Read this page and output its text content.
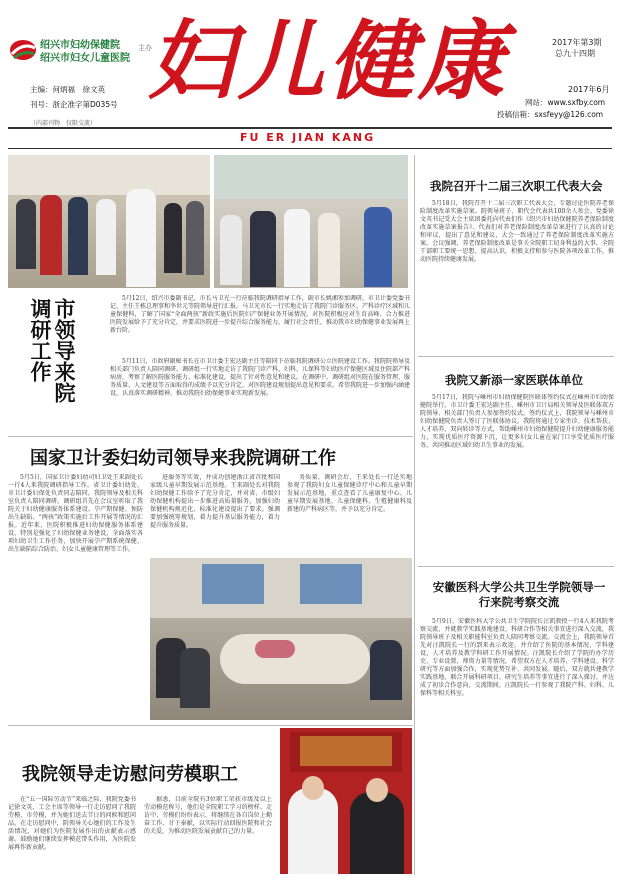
绍兴市妇幼保健院
绍兴市妇女儿童医院
主办
妇儿健康	2017年第3期
总九十四期
主编：何炳福　徐文英
刊号：浙企准字第D035号
（内部刊物　仅限交流）
2017年6月
网站：www.sxfby.com
投稿信箱：sxsfeyy@126.com
FU ER JIAN KANG
市领导来院调研工作	5月12日，绍兴市委副书记、市长马卫光一行莅临我院调研指导工作，副市长姚湘参加调研。市卫计委党委书记、主任王栋总理事和李世元等院领导进行汇报。马卫光市长一行实地走访了我院门诊服务区、产科诊疗区域和儿童保健科，了解了国家“全面两孩”新政实施后医院妇产保健业务开展情况，对医院积极应对生育高峰、合力推进医院发展给予了充分肯定，并要求医院进一步提升综合服务能力，履行社会责任，推动我市妇幼保健事业发展再上新台阶。
5月11日，市政府副秘书长在市卫计委王宏达副主任等陪同下莅临我院调研公立医院建设工作。我院院领导及相关部门负责人陪同调研。调研组一行实地走访了我院门诊产科、妇科、儿保科等妇幼医疗保健区域及住院部产科病房，考察了解医院服务能力、标准化建设，提出了针对性意见和建议。在调研中，调研组对医院在服务管理、服务质量、人文建设等方面取得的成绩予以充分肯定，对医院建设规划提出意见和要求，希望我院进一步加强内涵建设，认真落实调研精神，推动我院妇幼保健事业实现新发展。
国家卫计委妇幼司领导来我院调研工作
5月5日，国家卫计委妇幼司妇卫处王来副处长一行4人来我院调研指导工作。省卫计委妇幼处、市卫计委妇保处负责同志陪同。我院领导及相关科室负责人陪同调研。调研组首先在会议室听取了我院关于妇幼健康服务体系建设、孕产期保健、预防出生缺陷、“两孩”政策实施后工作开展等情况的汇报。近年来，医院积极推进妇幼保健服务体系建设，特别是强化了妇幼保健业务建设，全面落实各项妇幼卫生工作任务，加快开展孕产期系统保健、出生缺陷综合防治、妇女儿童健康管理等工作。
进服务等实效，并成功创建浙江省首批和国家级儿童早期发展示范基地。王来副处长对我院妇幼保健工作给予了充分肯定，并对省、市级妇幼保健机构提出一步推进高质量服务，加强妇幼保健机构规范化、标准化建设提出了要求。强调要加强统筹规划，着力提升基层服务能力，着力提升服务质量。
务质量，调研会后，王来处长一行还实地参观了我院妇女儿童保健诊疗中心和儿童早期发展示范基地，重点查看了儿童康复中心、儿童早期发展基地、儿童保健科、生殖健康科及新建的产科病区等，并予以充分肯定。
我院领导走访慰问劳模职工
在“五一国际劳动节”来临之际，我院党委书记徐文英、工会主席等领导一行走访慰问了我院劳模、市劳模，并为她们送去节日的问候和慰问品。在走访慰问中，院领导关心她们的工作及生活情况，对她们为医院发展作出的贡献表示感谢。鼓励她们继续发挥模范带头作用，为医院发展再作新贡献。
据悉，目前全院有3位职工荣获市级及以上劳动模范称号，他们是全院职工学习的榜样。走访中，劳模们纷纷表示，将继续在各自岗位上勤奋工作、甘于奉献，以实际行动回报医院和社会的关爱，为推动医院发展贡献自己的力量。
我院召开十二届三次职工代表大会
5月18日，我院召开十二届三次职工代表大会，专题讨论医院养老保险制度改革实施草案。院领导班子、职代会代表共100余人参会。党委徐文英书记受大会主席团委托向代表们作《绍兴市妇幼保健院养老保险制度改革实施草案报告》。代表们对养老保险制度改革草案进行了认真的讨论和审议，提出了意见和建议，大会一致通过了养老保险制度改革实施方案。会议强调，养老保险制度改革是事关全院职工切身利益的大事，全院干部职工要统一思想、提高认识，积极支持和参与医院各项改革工作，推动医院持续健康发展。
我院又新添一家医联体单位
5月17日，我院与嵊州市妇幼保健院医联体签约仪式在嵊州市妇幼保健院举行。市卫计委王宏达副主任、嵊州市卫计局相关领导及医联体双方院领导、相关部门负责人参加签约仪式。签约仪式上，我院领导与嵊州市妇幼保健院负责人签订了医联体协议。我院将通过专家坐诊、技术帮扶、人才培养、双向转诊等方式，帮助嵊州市妇幼保健院提升妇幼健康服务能力，实现优质医疗资源下沉，让更多妇女儿童在家门口享受优质医疗服务，共同推动区域妇幼卫生事业的发展。
安徽医科大学公共卫生学院领导一行来院考察交流
5月9日，安徽医科大学公共卫生学院院长汪凯教授一行4人来我院考察交流，并就教学实践基地建设、科研合作等相关事宜进行深入交流，我院领导班子及相关职能科室负责人陪同考察交流。交流会上，我院领导首先对汪凯院长一行的到来表示欢迎，并介绍了医院的基本情况、学科建设、人才培养及教学科研工作开展情况。汪凯院长介绍了学院的办学历史、专业设置、师资力量等情况，希望双方在人才培养、学科建设、科学研究等方面加强合作，实现优势互补、共同发展。随后，双方就共建教学实践基地、联合开展科研项目、研究生培养等事宜进行了深入探讨，并达成了初步合作意向，交流期间，汪凯院长一行参观了我院产科、妇科、儿保科等相关科室。
